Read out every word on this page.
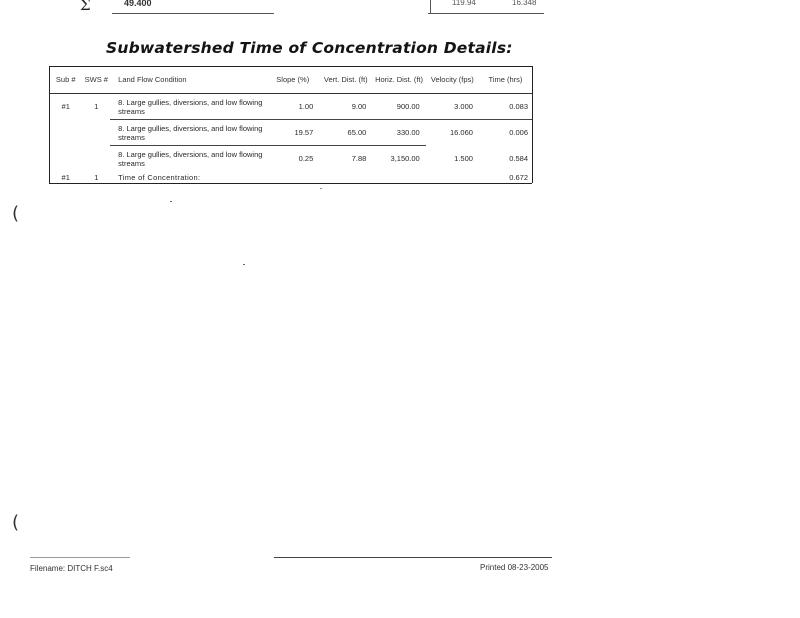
Σ	49.400	119.94	16.348
Subwatershed Time of Concentration Details:
Sub #	SWS #	Land Flow Condition	Slope (%)	Vert. Dist. (ft)	Horiz. Dist. (ft)	Velocity (fps)	Time (hrs)
#1	1	8. Large gullies, diversions, and low flowing streams	1.00	9.00	900.00	3.000	0.083
		8. Large gullies, diversions, and low flowing streams	19.57	65.00	330.00	16.060	0.006
		8. Large gullies, diversions, and low flowing streams	0.25	7.88	3,150.00	1.500	0.584
#1	1	Time of Concentration:					0.672
(
(
Filename: DITCH F.sc4	Printed 08-23-2005
